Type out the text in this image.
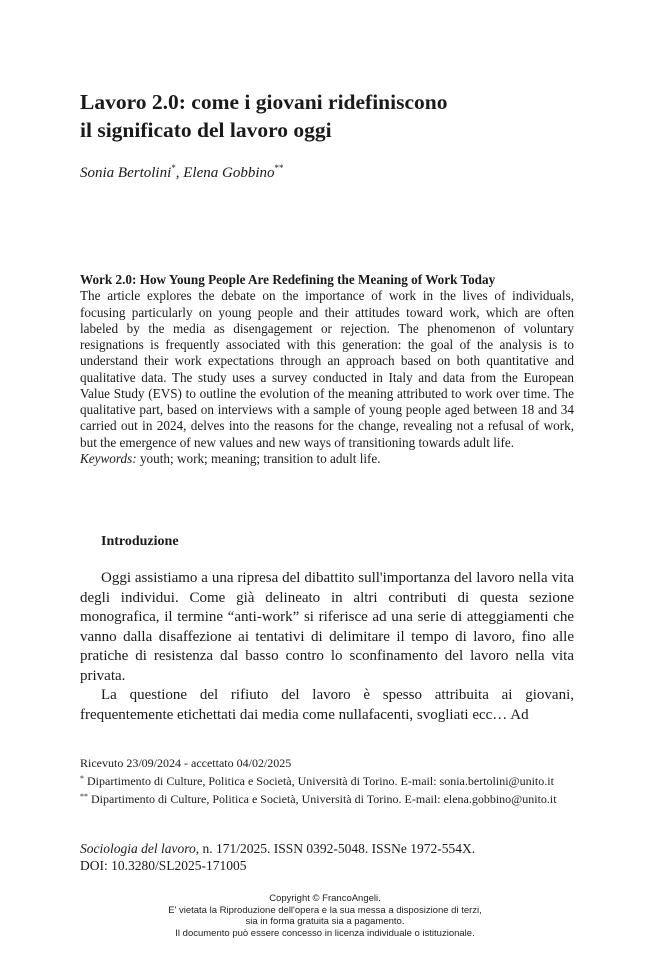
Lavoro 2.0: come i giovani ridefiniscono
il significato del lavoro oggi
Sonia Bertolini*, Elena Gobbino**
Work 2.0: How Young People Are Redefining the Meaning of Work Today
The article explores the debate on the importance of work in the lives of individuals, focusing particularly on young people and their attitudes toward work, which are often labeled by the media as disengagement or rejection. The phenomenon of voluntary resignations is frequently associated with this generation: the goal of the analysis is to understand their work expectations through an approach based on both quantitative and qualitative data. The study uses a survey conducted in Italy and data from the European Value Study (EVS) to outline the evolution of the meaning attributed to work over time. The qualitative part, based on interviews with a sample of young people aged between 18 and 34 carried out in 2024, delves into the reasons for the change, revealing not a refusal of work, but the emergence of new values and new ways of transitioning towards adult life.
Keywords: youth; work; meaning; transition to adult life.
Introduzione

Oggi assistiamo a una ripresa del dibattito sull'importanza del lavoro nella vita degli individui. Come già delineato in altri contributi di questa sezione monografica, il termine “anti-work” si riferisce ad una serie di atteggiamenti che vanno dalla disaffezione ai tentativi di delimitare il tempo di lavoro, fino alle pratiche di resistenza dal basso contro lo sconfinamento del lavoro nella vita privata.

La questione del rifiuto del lavoro è spesso attribuita ai giovani, frequentemente etichettati dai media come nullafacenti, svogliati ecc… Ad

Ricevuto 23/09/2024 - accettato 04/02/2025
* Dipartimento di Culture, Politica e Società, Università di Torino. E-mail: sonia.bertolini@unito.it
** Dipartimento di Culture, Politica e Società, Università di Torino. E-mail: elena.gobbino@unito.it
Sociologia del lavoro, n. 171/2025. ISSN 0392-5048. ISSNe 1972-554X.
DOI: 10.3280/SL2025-171005
Copyright © FrancoAngeli.
E' vietata la Riproduzione dell'opera e la sua messa a disposizione di terzi,
sia in forma gratuita sia a pagamento.
Il documento può essere concesso in licenza individuale o istituzionale.
